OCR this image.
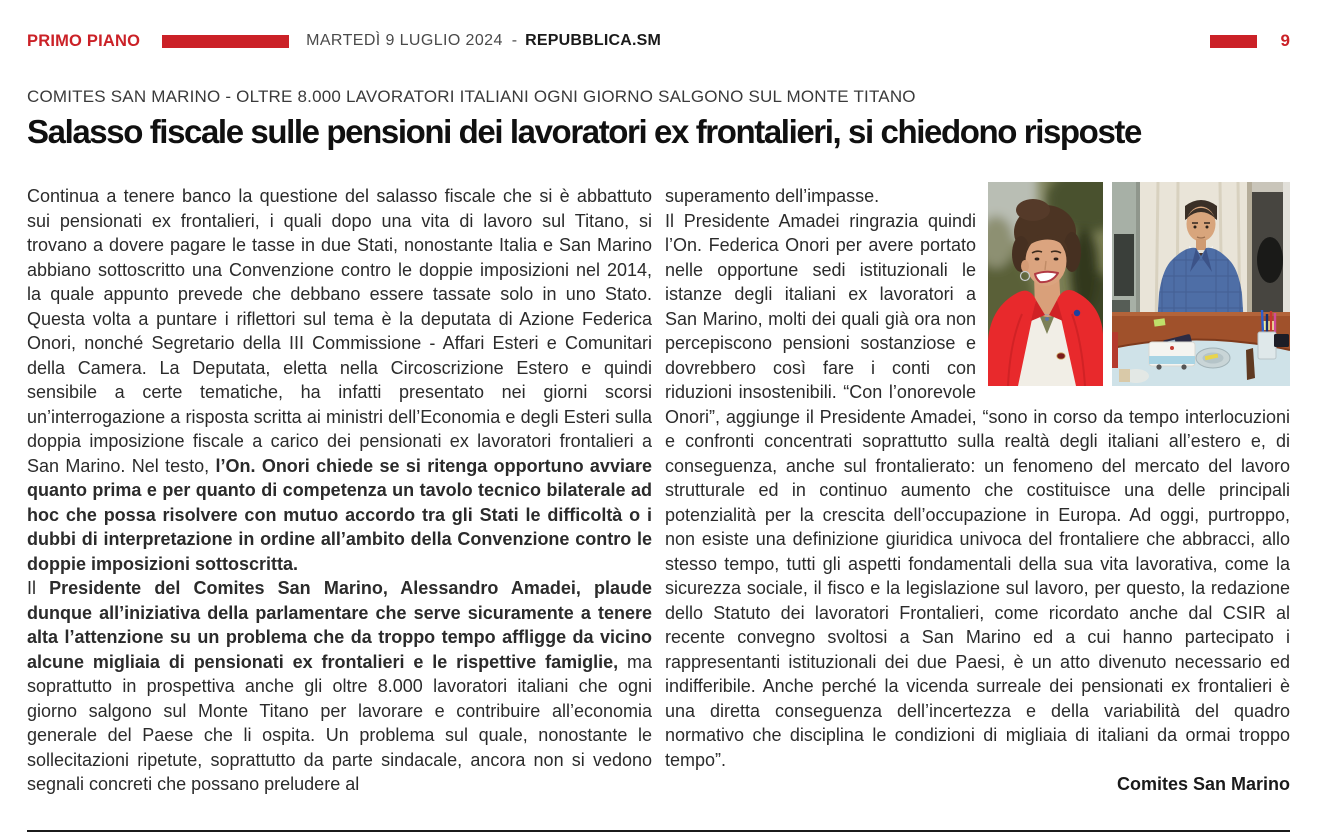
PRIMO PIANO	MARTEDÌ 9 LUGLIO 2024 - REPUBBLICA.SM	9
COMITES SAN MARINO - OLTRE 8.000 LAVORATORI ITALIANI OGNI GIORNO SALGONO SUL MONTE TITANO
Salasso fiscale sulle pensioni dei lavoratori ex frontalieri, si chiedono risposte

Continua a tenere banco la questione del salasso fiscale che si è abbattuto sui pensionati ex frontalieri, i quali dopo una vita di lavoro sul Titano, si trovano a dovere pagare le tasse in due Stati, nonostante Italia e San Marino abbiano sottoscritto una Convenzione contro le doppie imposizioni nel 2014, la quale appunto prevede che debbano essere tassate solo in uno Stato. Questa volta a puntare i riflettori sul tema è la deputata di Azione Federica Onori, nonché Segretario della III Commissione - Affari Esteri e Comunitari della Camera. La Deputata, eletta nella Circoscrizione Estero e quindi sensibile a certe tematiche, ha infatti presentato nei giorni scorsi un’interrogazione a risposta scritta ai ministri dell’Economia e degli Esteri sulla doppia imposizione fiscale a carico dei pensionati ex lavoratori frontalieri a San Marino. Nel testo, l’On. Onori chiede se si ritenga opportuno avviare quanto prima e per quanto di competenza un tavolo tecnico bilaterale ad hoc che possa risolvere con mutuo accordo tra gli Stati le difficoltà o i dubbi di interpretazione in ordine all’ambito della Convenzione contro le doppie imposizioni sottoscritta.
Il Presidente del Comites San Marino, Alessandro Amadei, plaude dunque all’iniziativa della parlamentare che serve sicuramente a tenere alta l’attenzione su un problema che da troppo tempo affligge da vicino alcune migliaia di pensionati ex frontalieri e le rispettive famiglie, ma soprattutto in prospettiva anche gli oltre 8.000 lavoratori italiani che ogni giorno salgono sul Monte Titano per lavorare e contribuire all’economia generale del Paese che li ospita. Un problema sul quale, nonostante le sollecitazioni ripetute, soprattutto da parte sindacale, ancora non si vedono segnali concreti che possano preludere al

superamento dell’impasse.
Il Presidente Amadei ringrazia quindi l’On. Federica Onori per avere portato nelle opportune sedi istituzionali le istanze degli italiani ex lavoratori a San Marino, molti dei quali già ora non percepiscono pensioni sostanziose e dovrebbero così fare i conti con riduzioni insostenibili. “Con l’onorevole Onori”, aggiunge il Presidente Amadei, “sono in corso da tempo interlocuzioni e confronti concentrati soprattutto sulla realtà degli italiani all’estero e, di conseguenza, anche sul frontalierato: un fenomeno del mercato del lavoro strutturale ed in continuo aumento che costituisce una delle principali potenzialità per la crescita dell’occupazione in Europa. Ad oggi, purtroppo, non esiste una definizione giuridica univoca del frontaliere che abbracci, allo stesso tempo, tutti gli aspetti fondamentali della sua vita lavorativa, come la sicurezza sociale, il fisco e la legislazione sul lavoro, per questo, la redazione dello Statuto dei lavoratori Frontalieri, come ricordato anche dal CSIR al recente convegno svoltosi a San Marino ed a cui hanno partecipato i rappresentanti istituzionali dei due Paesi, è un atto divenuto necessario ed indifferibile. Anche perché la vicenda surreale dei pensionati ex frontalieri è una diretta conseguenza dell’incertezza e della variabilità del quadro normativo che disciplina le condizioni di migliaia di italiani da ormai troppo tempo”.

Comites San Marino
